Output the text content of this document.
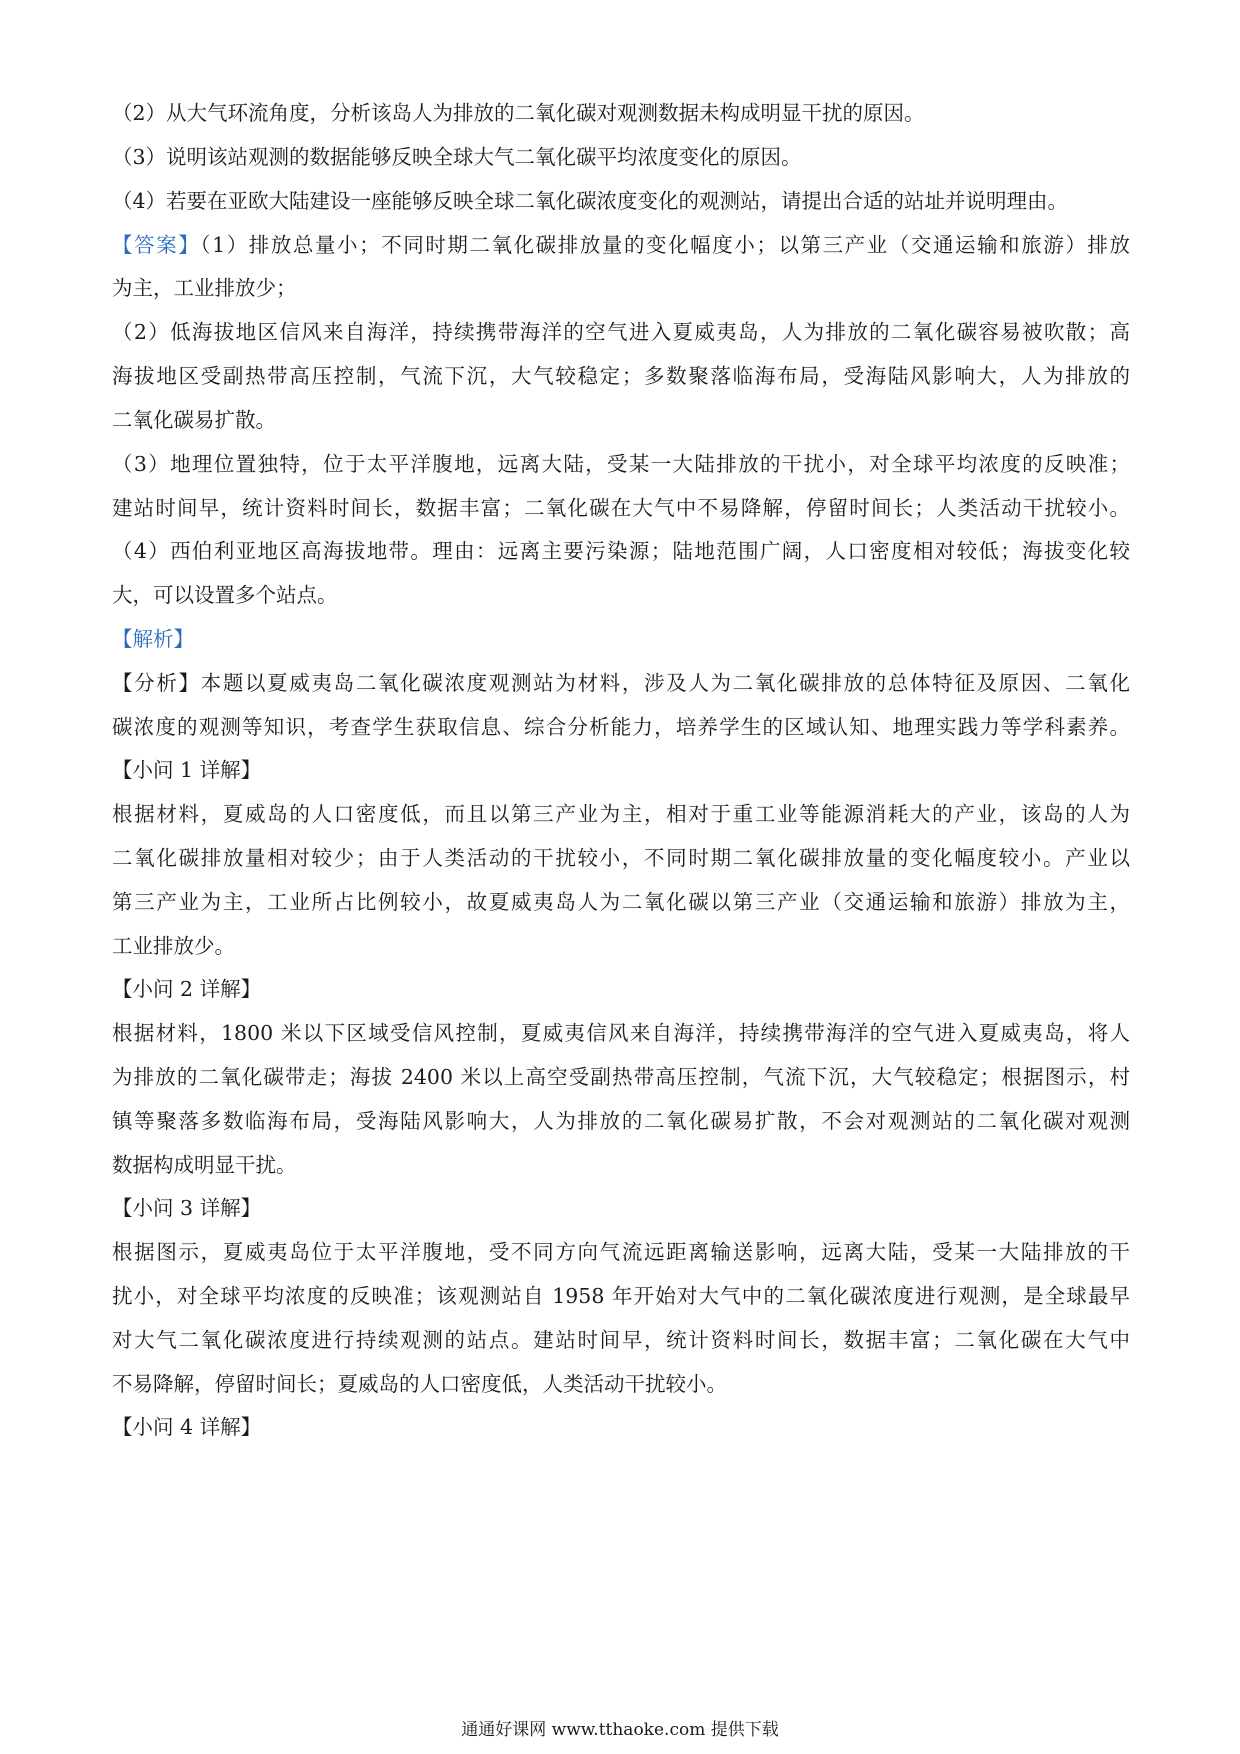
（2）从大气环流角度，分析该岛人为排放的二氧化碳对观测数据未构成明显干扰的原因。
（3）说明该站观测的数据能够反映全球大气二氧化碳平均浓度变化的原因。
（4）若要在亚欧大陆建设一座能够反映全球二氧化碳浓度变化的观测站，请提出合适的站址并说明理由。
【答案】（1）排放总量小；不同时期二氧化碳排放量的变化幅度小；以第三产业（交通运输和旅游）排放
为主，工业排放少；
（2）低海拔地区信风来自海洋，持续携带海洋的空气进入夏威夷岛，人为排放的二氧化碳容易被吹散；高
海拔地区受副热带高压控制，气流下沉，大气较稳定；多数聚落临海布局，受海陆风影响大，人为排放的
二氧化碳易扩散。
（3）地理位置独特，位于太平洋腹地，远离大陆，受某一大陆排放的干扰小，对全球平均浓度的反映准；
建站时间早，统计资料时间长，数据丰富；二氧化碳在大气中不易降解，停留时间长；人类活动干扰较小。
（4）西伯利亚地区高海拔地带。理由：远离主要污染源；陆地范围广阔，人口密度相对较低；海拔变化较
大，可以设置多个站点。
【解析】
【分析】本题以夏威夷岛二氧化碳浓度观测站为材料，涉及人为二氧化碳排放的总体特征及原因、二氧化
碳浓度的观测等知识，考查学生获取信息、综合分析能力，培养学生的区域认知、地理实践力等学科素养。
【小问 1 详解】
根据材料，夏威岛的人口密度低，而且以第三产业为主，相对于重工业等能源消耗大的产业，该岛的人为
二氧化碳排放量相对较少；由于人类活动的干扰较小，不同时期二氧化碳排放量的变化幅度较小。产业以
第三产业为主，工业所占比例较小，故夏威夷岛人为二氧化碳以第三产业（交通运输和旅游）排放为主，
工业排放少。
【小问 2 详解】
根据材料，1800 米以下区域受信风控制，夏威夷信风来自海洋，持续携带海洋的空气进入夏威夷岛，将人
为排放的二氧化碳带走；海拔 2400 米以上高空受副热带高压控制，气流下沉，大气较稳定；根据图示，村
镇等聚落多数临海布局，受海陆风影响大，人为排放的二氧化碳易扩散，不会对观测站的二氧化碳对观测
数据构成明显干扰。
【小问 3 详解】
根据图示，夏威夷岛位于太平洋腹地，受不同方向气流远距离输送影响，远离大陆，受某一大陆排放的干
扰小，对全球平均浓度的反映准；该观测站自 1958 年开始对大气中的二氧化碳浓度进行观测，是全球最早
对大气二氧化碳浓度进行持续观测的站点。建站时间早，统计资料时间长，数据丰富；二氧化碳在大气中
不易降解，停留时间长；夏威岛的人口密度低，人类活动干扰较小。
【小问 4 详解】
通通好课网 www.tthaoke.com 提供下载
